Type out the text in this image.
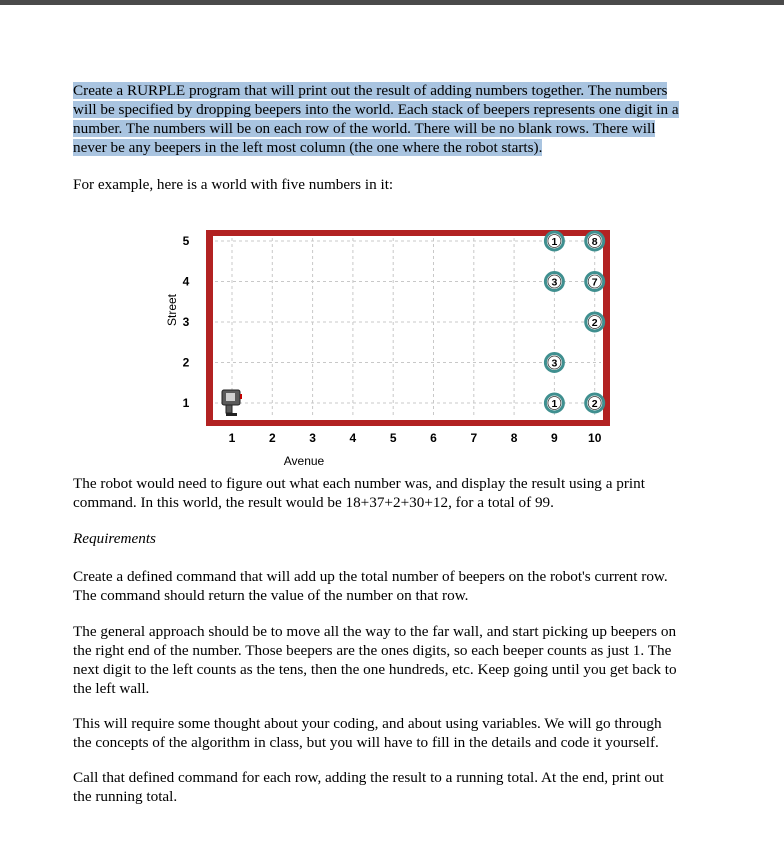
Create a RURPLE program that will print out the result of adding numbers together. The numbers
will be specified by dropping beepers into the world. Each stack of beepers represents one digit in a
number. The numbers will be on each row of the world. There will be no blank rows. There will
never be any beepers in the left most column (the one where the robot starts).
For example, here is a world with five numbers in it:
1
2
3
4
5
1	2	3	4	5	6	7	8	9	10
Street
Avenue
1	8
3	7
2
3
1	2
The robot would need to figure out what each number was, and display the result using a print
command. In this world, the result would be 18+37+2+30+12, for a total of 99.
Requirements
Create a defined command that will add up the total number of beepers on the robot's current row.
The command should return the value of the number on that row.
The general approach should be to move all the way to the far wall, and start picking up beepers on
the right end of the number. Those beepers are the ones digits, so each beeper counts as just 1. The
next digit to the left counts as the tens, then the one hundreds, etc. Keep going until you get back to
the left wall.
This will require some thought about your coding, and about using variables. We will go through
the concepts of the algorithm in class, but you will have to fill in the details and code it yourself.
Call that defined command for each row, adding the result to a running total. At the end, print out
the running total.
